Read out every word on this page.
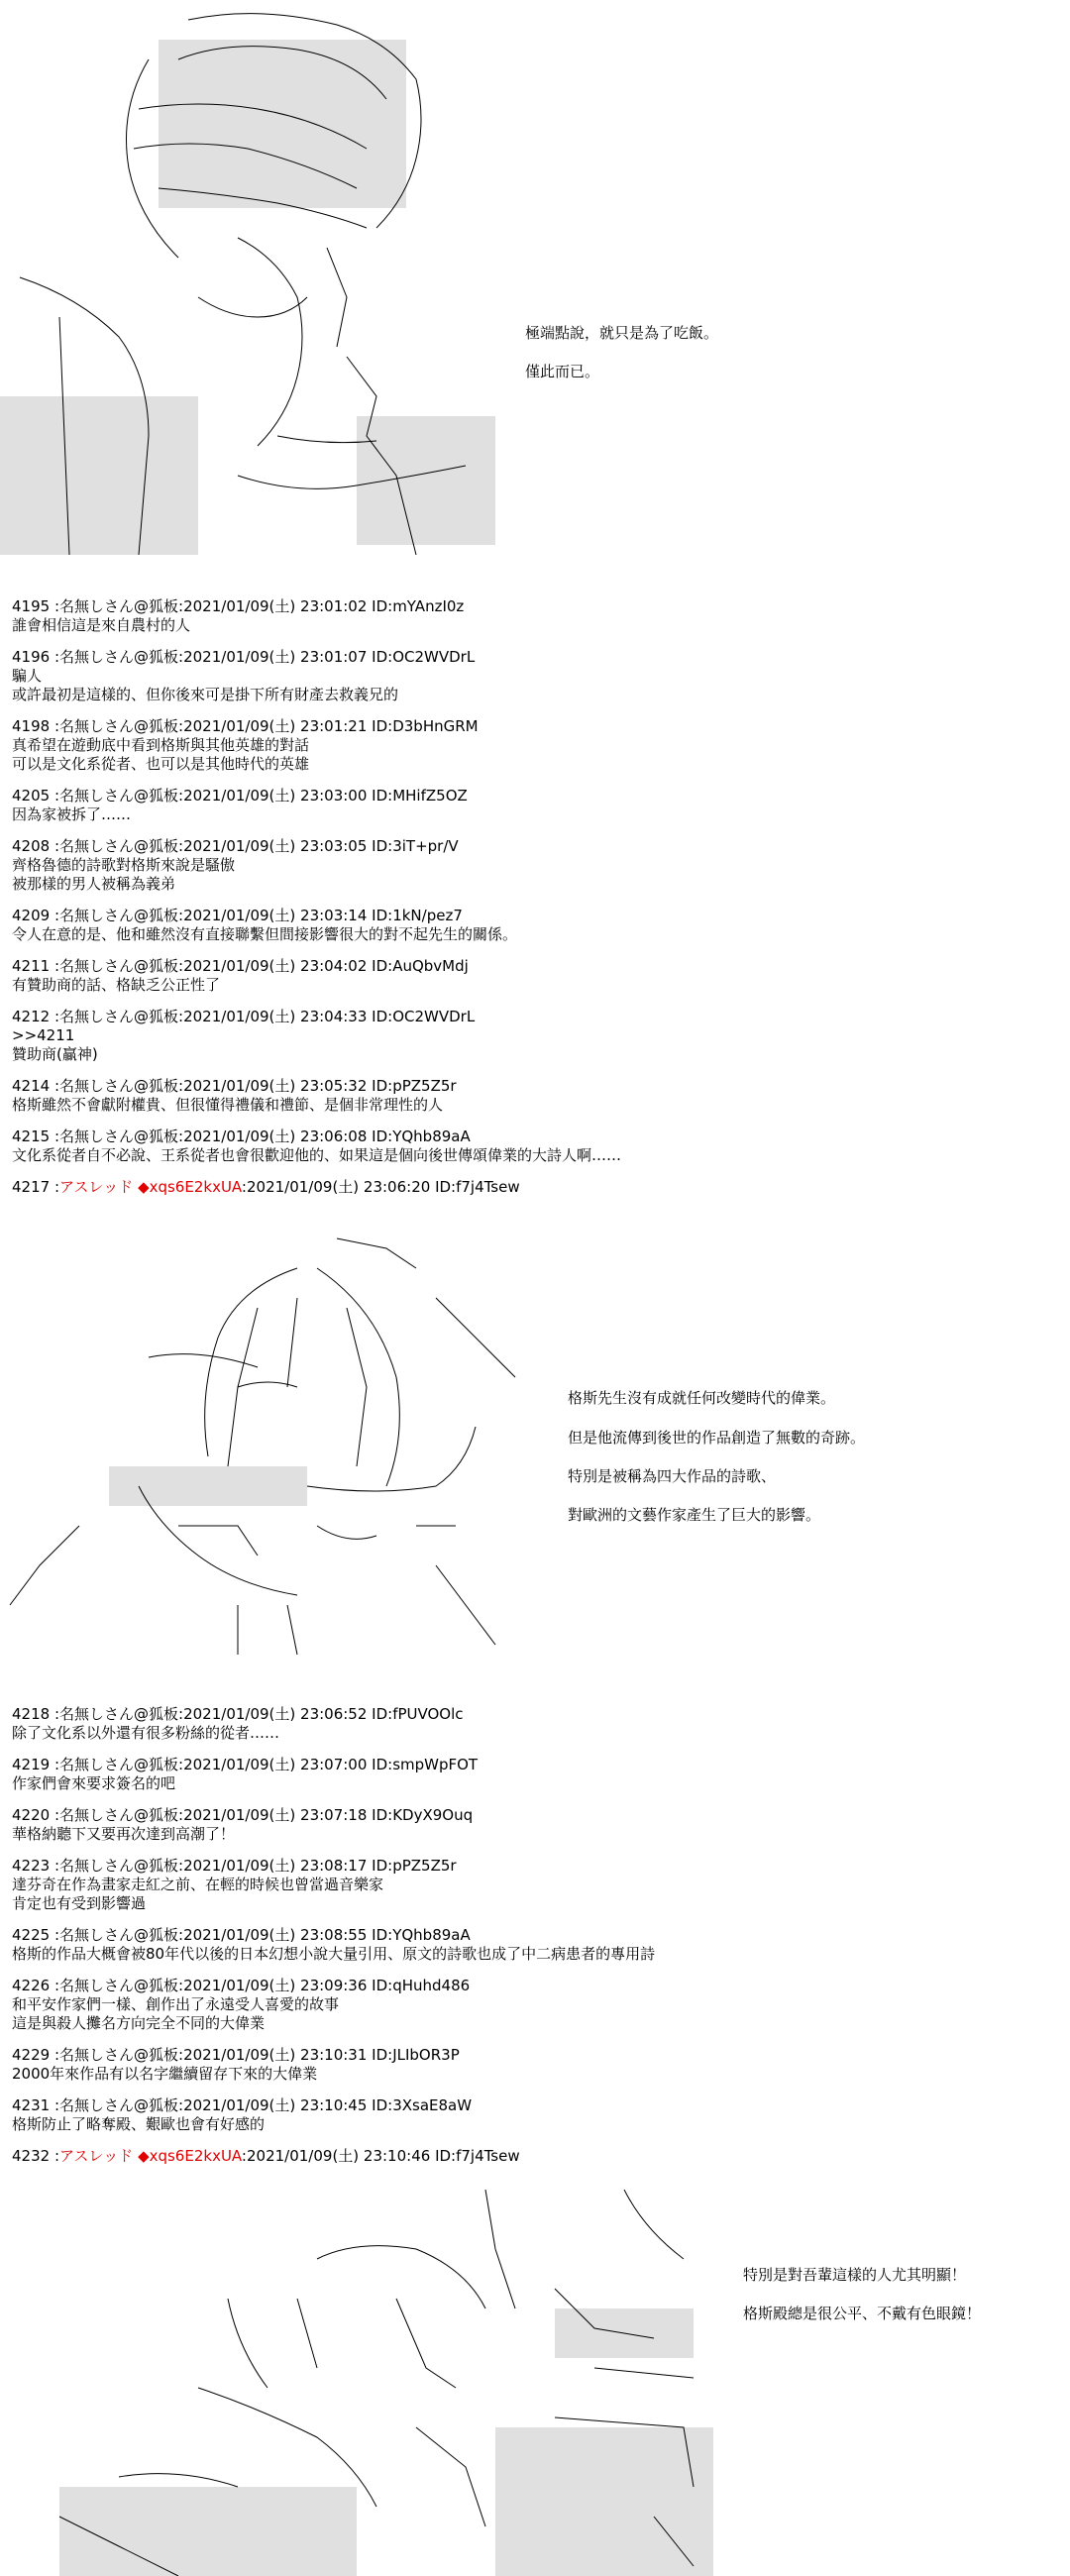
極端點說，就只是為了吃飯。
僅此而已。
4195 :名無しさん@狐板:2021/01/09(土) 23:01:02 ID:mYAnzI0z
誰會相信這是來自農村的人
4196 :名無しさん@狐板:2021/01/09(土) 23:01:07 ID:OC2WVDrL
騙人
或許最初是這樣的、但你後來可是掛下所有財產去救義兄的
4198 :名無しさん@狐板:2021/01/09(土) 23:01:21 ID:D3bHnGRM
真希望在遊動底中看到格斯與其他英雄的對話
可以是文化系從者、也可以是其他時代的英雄
4205 :名無しさん@狐板:2021/01/09(土) 23:03:00 ID:MHifZ5OZ
因為家被拆了……
4208 :名無しさん@狐板:2021/01/09(土) 23:03:05 ID:3iT+pr/V
齊格魯德的詩歌對格斯來說是騷傲
被那樣的男人被稱為義弟
4209 :名無しさん@狐板:2021/01/09(土) 23:03:14 ID:1kN/pez7
令人在意的是、他和雖然沒有直接聯繫但間接影響很大的對不起先生的關係。
4211 :名無しさん@狐板:2021/01/09(土) 23:04:02 ID:AuQbvMdj
有贊助商的話、格缺乏公正性了
4212 :名無しさん@狐板:2021/01/09(土) 23:04:33 ID:OC2WVDrL
>>4211
贊助商(贏神)
4214 :名無しさん@狐板:2021/01/09(土) 23:05:32 ID:pPZ5Z5r
格斯雖然不會獻附權貴、但很懂得禮儀和禮節、是個非常理性的人
4215 :名無しさん@狐板:2021/01/09(土) 23:06:08 ID:YQhb89aA
文化系從者自不必說、王系從者也會很歡迎他的、如果這是個向後世傳頌偉業的大詩人啊……
4217 :アスレッド ◆xqs6E2kxUA:2021/01/09(土) 23:06:20 ID:f7j4Tsew
格斯先生沒有成就任何改變時代的偉業。
但是他流傳到後世的作品創造了無數的奇跡。
特別是被稱為四大作品的詩歌、
對歐洲的文藝作家產生了巨大的影響。
4218 :名無しさん@狐板:2021/01/09(土) 23:06:52 ID:fPUVOOlc
除了文化系以外還有很多粉絲的從者……
4219 :名無しさん@狐板:2021/01/09(土) 23:07:00 ID:smpWpFOT
作家們會來要求簽名的吧
4220 :名無しさん@狐板:2021/01/09(土) 23:07:18 ID:KDyX9Ouq
華格納聽下又要再次達到高潮了！
4223 :名無しさん@狐板:2021/01/09(土) 23:08:17 ID:pPZ5Z5r
達芬奇在作為畫家走紅之前、在輕的時候也曾當過音樂家
肯定也有受到影響過
4225 :名無しさん@狐板:2021/01/09(土) 23:08:55 ID:YQhb89aA
格斯的作品大概會被80年代以後的日本幻想小說大量引用、原文的詩歌也成了中二病患者的專用詩
4226 :名無しさん@狐板:2021/01/09(土) 23:09:36 ID:qHuhd486
和平安作家們一樣、創作出了永遠受人喜愛的故事
這是與殺人攤名方向完全不同的大偉業
4229 :名無しさん@狐板:2021/01/09(土) 23:10:31 ID:JLIbOR3P
2000年來作品有以名字繼續留存下來的大偉業
4231 :名無しさん@狐板:2021/01/09(土) 23:10:45 ID:3XsaE8aW
格斯防止了略奪殿、艱歐也會有好感的
4232 :アスレッド ◆xqs6E2kxUA:2021/01/09(土) 23:10:46 ID:f7j4Tsew
特別是對吾輩這樣的人尤其明顯！
格斯殿總是很公平、不戴有色眼鏡！
